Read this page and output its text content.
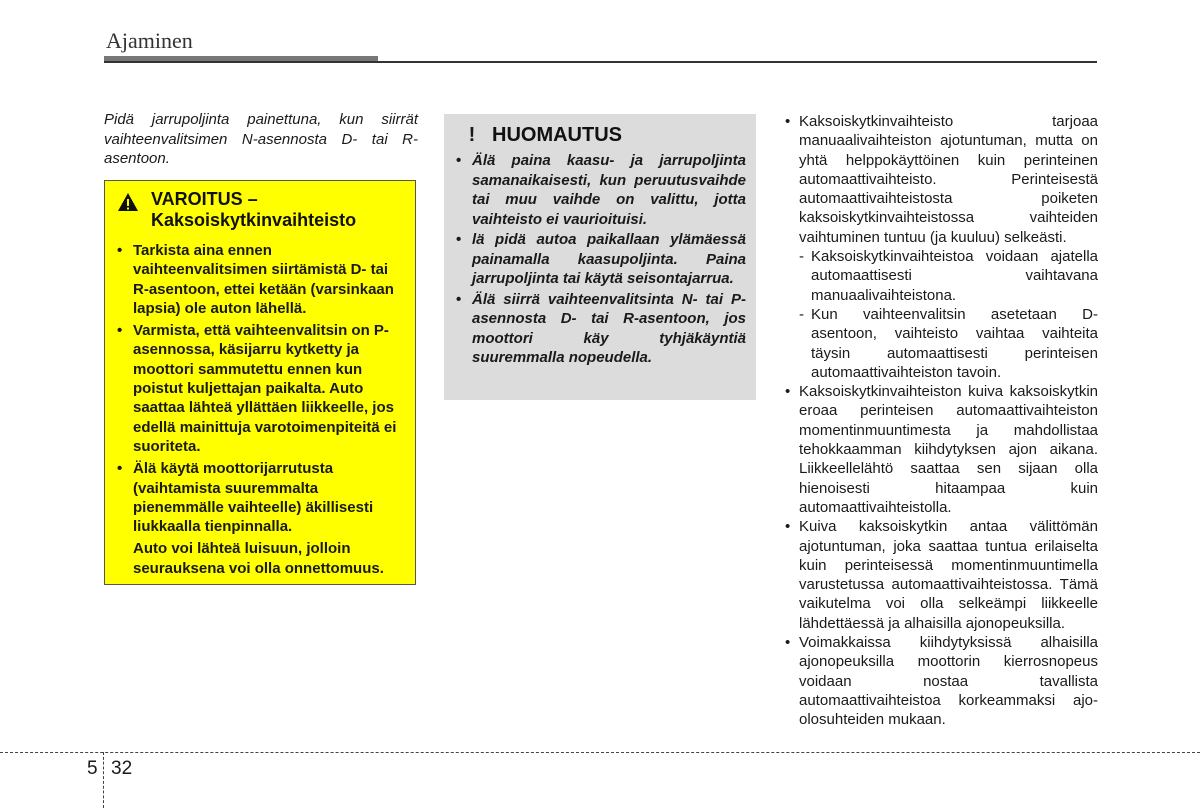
Ajaminen

Pidä jarrupoljinta painettuna, kun siirrät vaihteenvalitsimen N-asennosta D- tai R-asentoon.

VAROITUS –
Kaksoiskytkinvaihteisto
• Tarkista aina ennen vaihteenvalitsimen siirtämistä D- tai R-asentoon, ettei ketään (varsinkaan lapsia) ole auton lähellä.
• Varmista, että vaihteenvalitsin on P-asennossa, käsijarru kytketty ja moottori sammutettu ennen kun poistut kuljettajan paikalta. Auto saattaa lähteä yllättäen liikkeelle, jos edellä mainittuja varotoimenpiteitä ei suoriteta.
• Älä käytä moottorijarrutusta (vaihtamista suuremmalta pienemmälle vaihteelle) äkillisesti liukkaalla tienpinnalla.

Auto voi lähteä luisuun, jolloin seurauksena voi olla onnettomuus.

! HUOMAUTUS
• Älä paina kaasu- ja jarrupoljinta samanaikaisesti, kun peruutusvaihde tai muu vaihde on valittu, jotta vaihteisto ei vaurioituisi.
• lä pidä autoa paikallaan ylämäessä painamalla kaasupoljinta. Paina jarrupoljinta tai käytä seisontajarrua.
• Älä siirrä vaihteenvalitsinta N- tai P-asennosta D- tai R-asentoon, jos moottori käy tyhjäkäyntiä suuremmalla nopeudella.
• Kaksoiskytkinvaihteisto tarjoaa manuaalivaihteiston ajotuntuman, mutta on yhtä helppokäyttöinen kuin perinteinen automaattivaihteisto. Perinteisestä automaattivaihteistosta poiketen kaksoiskytkinvaihteistossa vaihteiden vaihtuminen tuntuu (ja kuuluu) selkeästi.
- Kaksoiskytkinvaihteistoa voidaan ajatella automaattisesti vaihtavana manuaalivaihteistona.
- Kun vaihteenvalitsin asetetaan D-asentoon, vaihteisto vaihtaa vaihteita täysin automaattisesti perinteisen automaattivaihteiston tavoin.
• Kaksoiskytkinvaihteiston kuiva kaksoiskytkin eroaa perinteisen automaattivaihteiston momentinmuuntimesta ja mahdollistaa tehokkaamman kiihdytyksen ajon aikana. Liikkeellelähtö saattaa sen sijaan olla hienoisesti hitaampaa kuin automaattivaihteistolla.
• Kuiva kaksoiskytkin antaa välittömän ajotuntuman, joka saattaa tuntua erilaiselta kuin perinteisessä momentinmuuntimella varustetussa automaattivaihteistossa. Tämä vaikutelma voi olla selkeämpi liikkeelle lähdettäessä ja alhaisilla ajonopeuksilla.
• Voimakkaissa kiihdytyksissä alhaisilla ajonopeuksilla moottorin kierrosnopeus voidaan nostaa tavallista automaattivaihteistoa korkeammaksi ajo-olosuhteiden mukaan.

5 32
